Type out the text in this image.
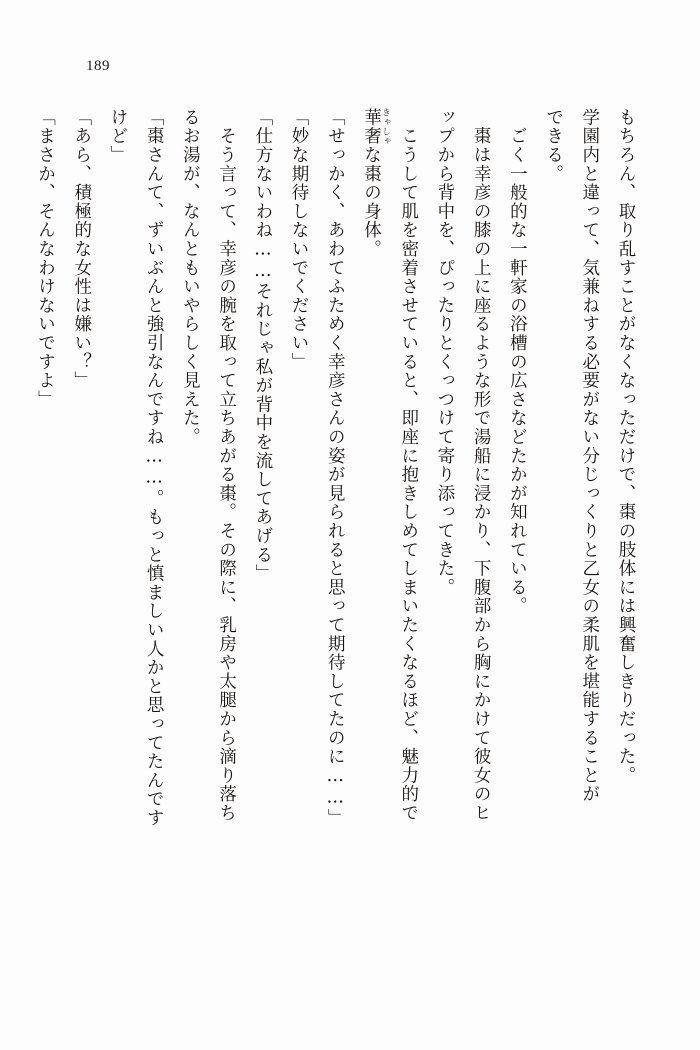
189

もちろん、取り乱すことがなくなっただけで、棗の肢体には興奮しきりだった。

学園内と違って、気兼ねする必要がない分じっくりと乙女の柔肌を堪能することが

できる。

　ごく一般的な一軒家の浴槽の広さなどたかが知れている。

　棗は幸彦の膝の上に座るような形で湯船に浸かり、下腹部から胸にかけて彼女のヒ

ップから背中を、ぴったりとくっつけて寄り添ってきた。

　こうして肌を密着させていると、即座に抱きしめてしまいたくなるほど、魅力的で

華奢 きゃしゃな棗の身体。

「せっかく、あわてふためく幸彦さんの姿が見られると思って期待してたのに……」

「妙な期待しないでください」

「仕方ないわね……それじゃ私が背中を流してあげる」

　そう言って、幸彦の腕を取って立ちあがる棗。その際に、乳房や太腿から滴り落ち

るお湯が、なんともいやらしく見えた。

「棗さんて、ずいぶんと強引なんですね……。もっと慎ましい人かと思ってたんです

けど」

「あら、積極的な女性は嫌い？」

「まさか、そんなわけないですよ」
